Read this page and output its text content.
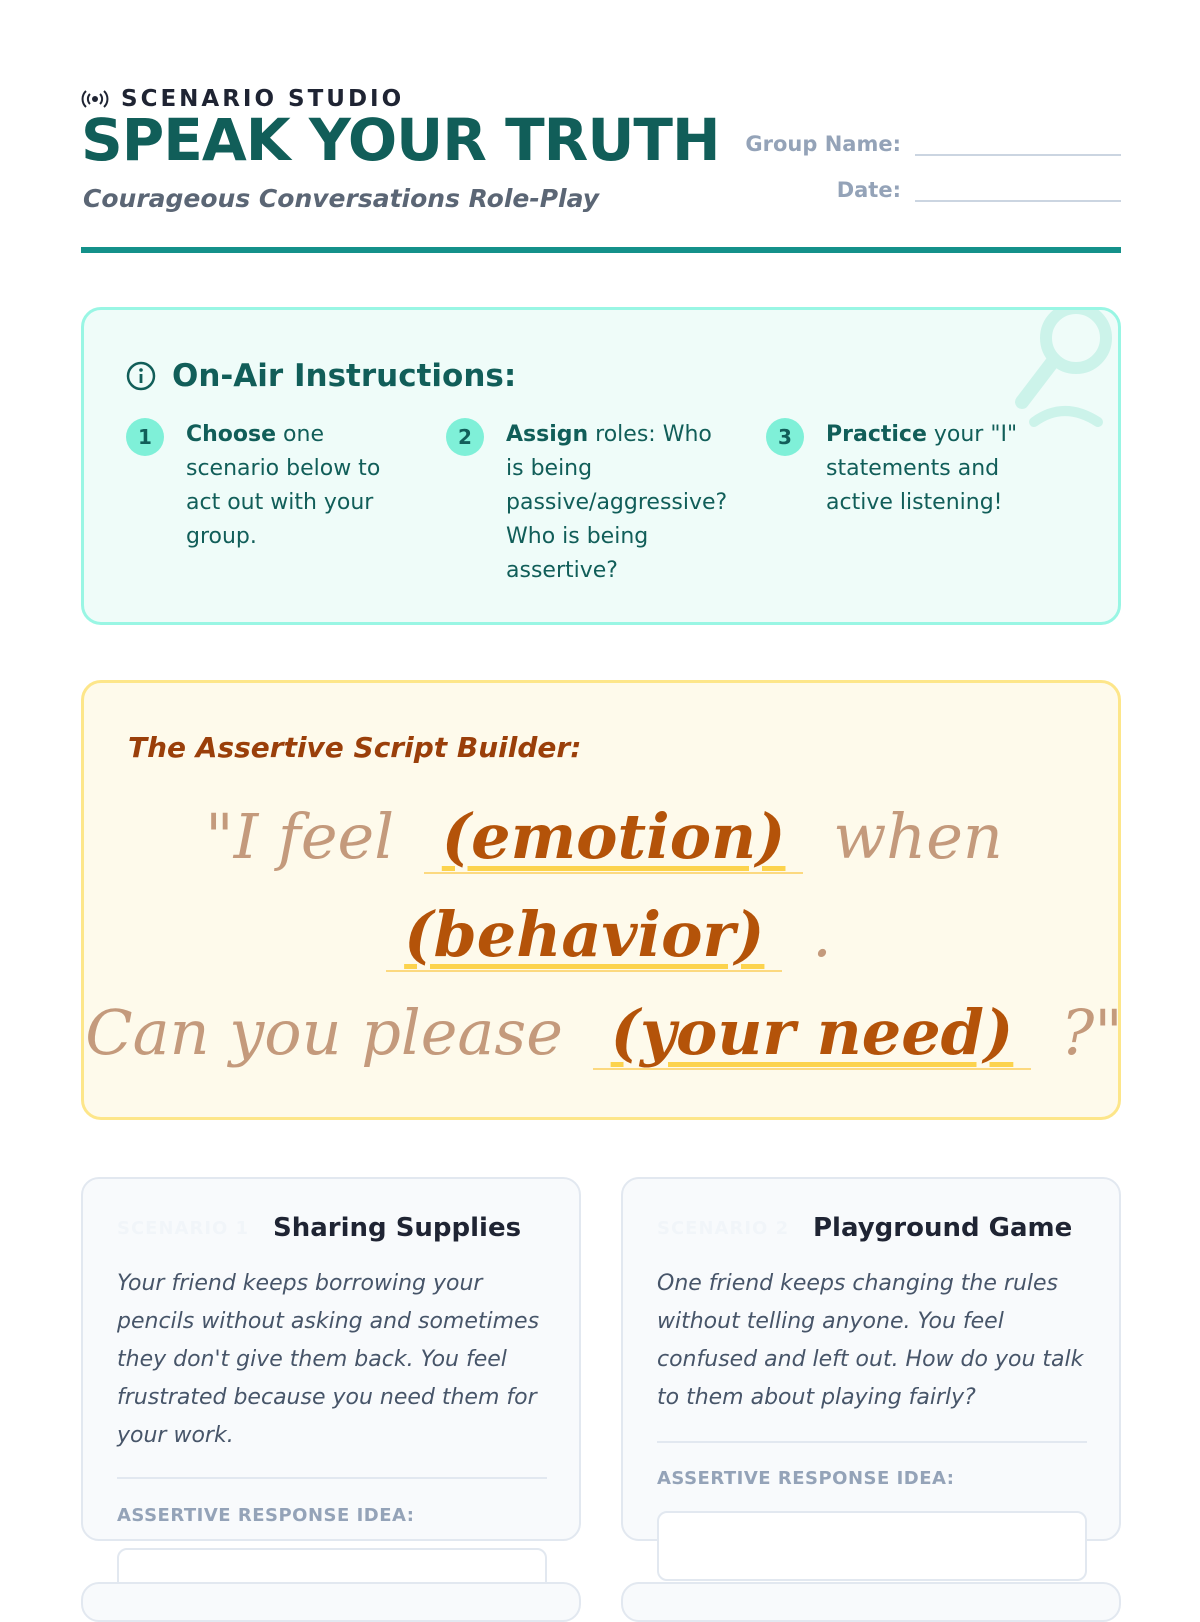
SCENARIO STUDIO
SPEAK YOUR TRUTH
Courageous Conversations Role-Play
Group Name:
Date:
On-Air Instructions:
1	Choose one scenario below to act out with your group.
2	Assign roles: Who is being passive/aggressive? Who is being assertive?
3	Practice your "I" statements and active listening!
The Assertive Script Builder:
"I feel (emotion) when
(behavior) .
Can you please (your need) ?"
SCENARIO 1 Sharing Supplies
Your friend keeps borrowing your pencils without asking and sometimes they don't give them back. You feel frustrated because you need them for your work.
ASSERTIVE RESPONSE IDEA:
SCENARIO 2 Playground Game
One friend keeps changing the rules without telling anyone. You feel confused and left out. How do you talk to them about playing fairly?
ASSERTIVE RESPONSE IDEA:
